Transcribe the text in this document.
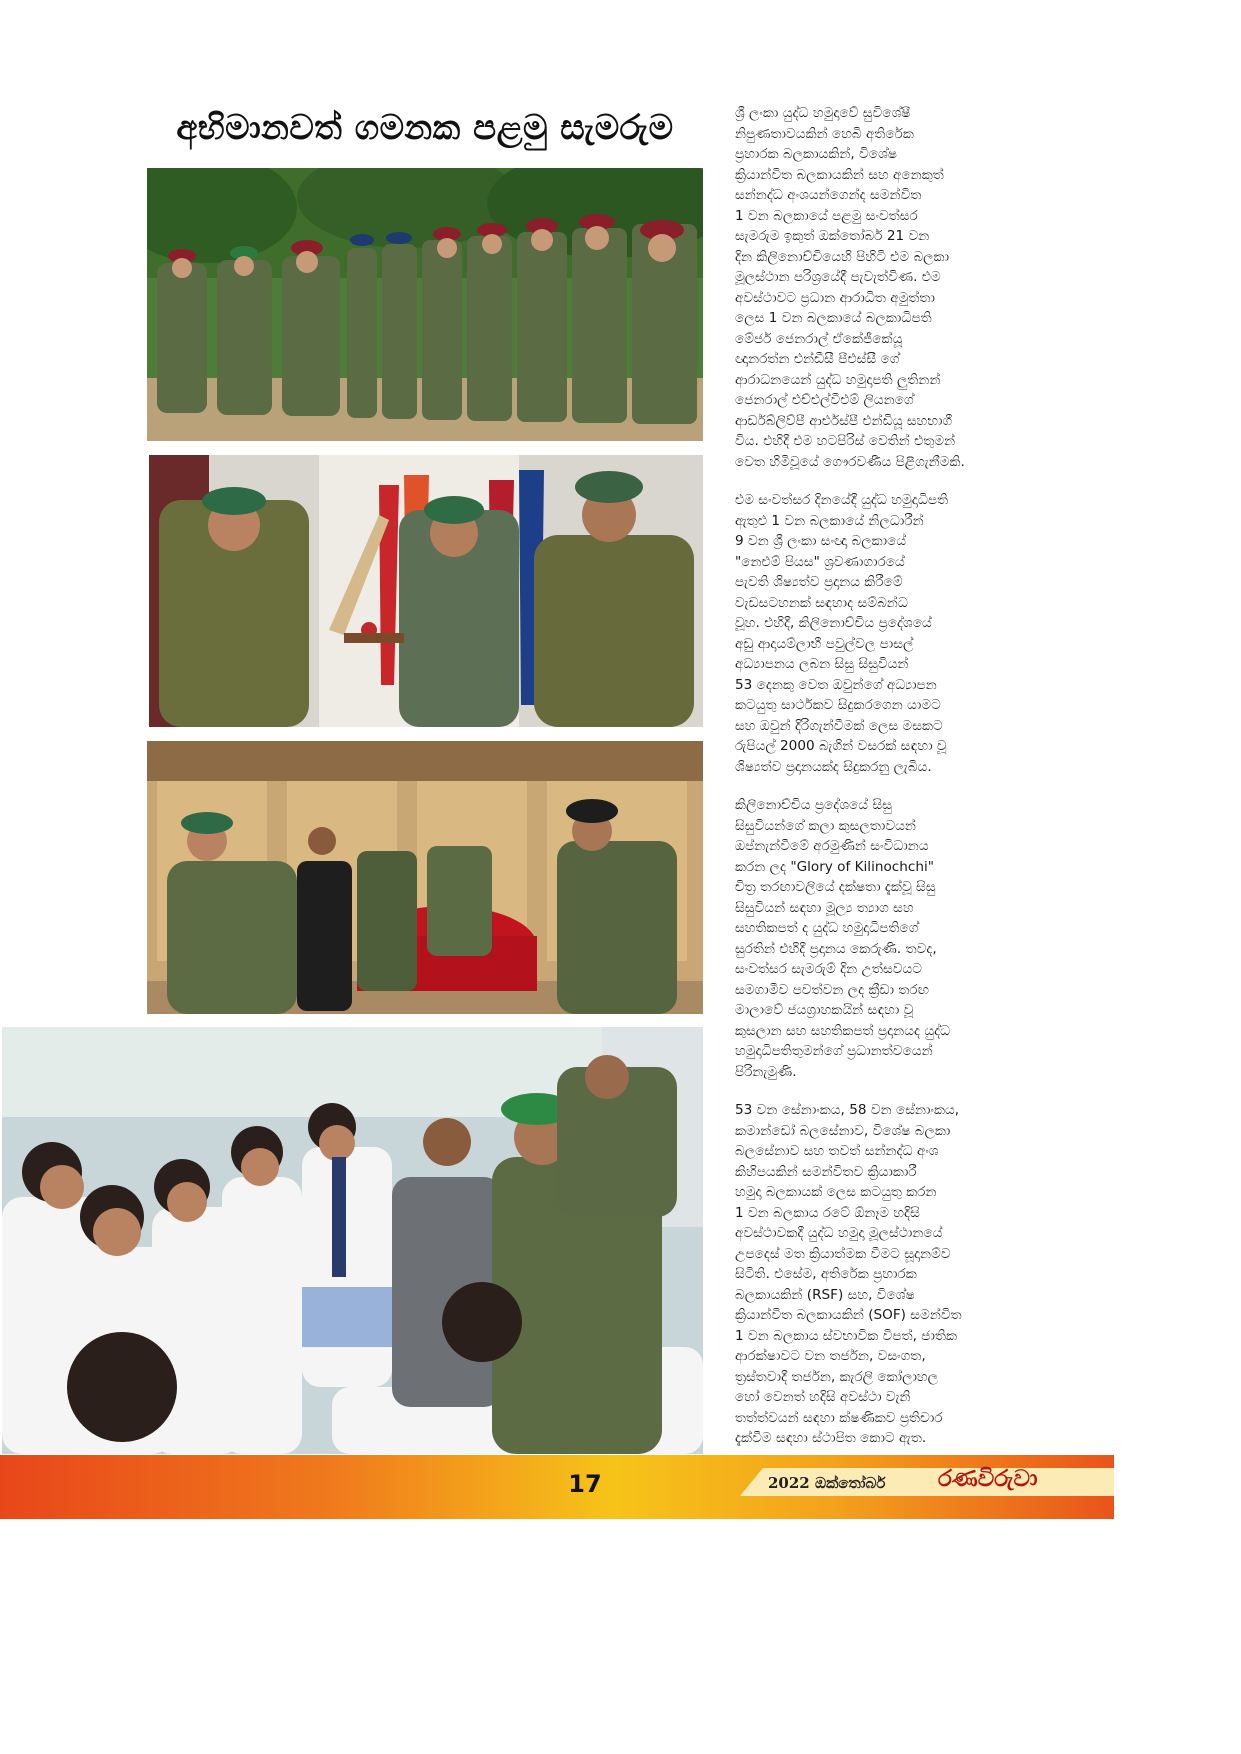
අභිමානවත් ගමනක පළමු සැමරුම	ශ්‍රී ලංකා යුද්ධ හමුදාවේ සුවිශේෂී
නිපුණතාවයකින් හෙබි අතිරේක
ප්‍රහාරක බලකායකින්, විශේෂ
ක්‍රියාන්විත බලකායකින් සහ අනෙකුත්
සන්නද්ධ අංශයන්ගෙන්ද සමන්විත
1 වන බලකායේ පළමු සංවත්සර
සැමරුම ඉකුත් ඔක්තෝබර් 21 වන
දින කිලිනොච්චියෙහි පිහිටි එම බලකා
මූලස්ථාන පරිශ්‍රයේදී පැවැත්විණ. එම
අවස්ථාවට ප්‍රධාන ආරාධිත අමුත්තා
ලෙස 1 වන බලකායේ බලකාධිපති
මේජර් ජෙනරාල් ඒකේජීකේයූ
ඥානරත්න එන්ඩීසී පීඑස්සී ගේ
ආරාධනයෙන් යුද්ධ හමුදාපති ලුතිනන්
ජෙනරාල් එච්එල්වීඑම් ලියනගේ
ආර්ඩබ්ලිව්පී ආර්එස්පී එන්ඩියූ සහභාගී
විය. එහිදී එම හටපිරිස් වෙතින් එතුමන්
වෙත හිමිවූයේ ගෞරවණීය පිළිගැනීමකි.

එම සංවත්සර දිනයේදී යුද්ධ හමුදාධිපති
ඇතුළු 1 වන බලකායේ නිලධාරීන්
9 වන ශ්‍රී ලංකා සංඥා බලකායේ
"නෙළුම් පියස" ශ්‍රවණාගාරයේ
පැවති ශිෂ්‍යත්ව ප්‍රදානය කිරීමේ
වැඩසටහනක් සඳහාද සම්බන්ධ
වූහ. එහිදී, කිලිනොච්චිය ප්‍රදේශයේ
අඩු ආදායම්ලාභී පවුල්වල පාසල්
අධ්‍යාපනය ලබන සිසු සිසුවියන්
53 දෙනකු වෙත ඔවුන්ගේ අධ්‍යාපන
කටයුතු සාර්ථකව සිදුකරගෙන යාමට
සහ ඔවුන් දිරිගැන්වීමක් ලෙස මසකට
රුපියල් 2000 බැගින් වසරක් සඳහා වූ
ශිෂ්‍යත්ව ප්‍රදානයක්ද සිදුකරනු ලැබිය.

කිලිනොච්චිය ප්‍රදේශයේ සිසු
සිසුවියන්ගේ කලා කුසලතාවයන්
ඔප්නැන්වීමේ අරමුණින් සංවිධානය
කරන ලද "Glory of Kilinochchi"
චිත්‍ර තරඟාවලියේ දක්ෂතා දැක්වූ සිසු
සිසුවියන් සඳහා මූල්‍ය ත්‍යාග සහ
සහතිකපත් ද යුද්ධ හමුදාධිපතිගේ
සුරතින් එහිදී ප්‍රදානය කෙරුණි. තවද,
සංවත්සර සැමරුම් දින උත්සවයට
සමගාමීව පවත්වන ලද ක්‍රීඩා තරඟ
මාලාවේ ජයග්‍රාහකයින් සඳහා වූ
කුසලාන සහ සහතිකපත් ප්‍රදානයද යුද්ධ
හමුදාධිපතිතුමන්ගේ ප්‍රධානත්වයෙන්
පිරිනැමුණි.

53 වන සේනාංකය, 58 වන සේනාංකය,
කමාන්ඩෝ බලසේනාව, විශේෂ බලකා
බලසේනාව සහ තවත් සන්නද්ධ අංශ
කිහිපයකින් සමන්විතව ක්‍රියාකාරී
හමුදා බලකායක් ලෙස කටයුතු කරන
1 වන බලකාය රටේ ඕනෑම හදිසි
අවස්ථාවකදී යුද්ධ හමුදා මූලස්ථානයේ
උපදෙස් මත ක්‍රියාත්මක වීමට සූදානම්ව
සිටිති. එසේම, අතිරේක ප්‍රහාරක
බලකායකින් (RSF) සහ, විශේෂ
ක්‍රියාන්විත බලකායකින් (SOF) සමන්විත
1 වන බලකාය ස්වභාවික විපත්, ජාතික
ආරක්ෂාවට වන තර්ජන, වසංගත,
ත්‍රස්තවාදී තර්ජන, කැරලි කෝලාහල
හෝ වෙනත් හදිසි අවස්ථා වැනි
තත්ත්වයන් සඳහා ක්ෂණිකව ප්‍රතිචාර
දැක්වීම සඳහා ස්ථාපිත කොට ඇත.

17	2022 ඔක්තෝබර් රණවිරුවා
